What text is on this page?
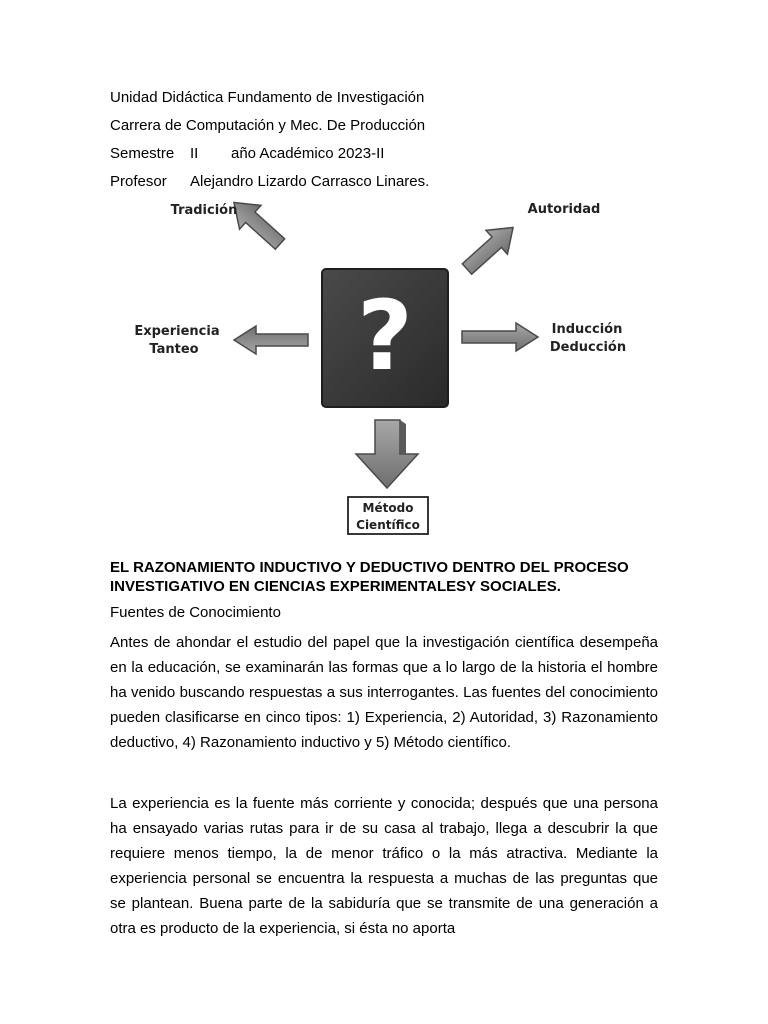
Unidad Didáctica Fundamento de Investigación
Carrera de Computación y Mec. De Producción
Semestre II año Académico 2023-II
Profesor Alejandro Lizardo Carrasco Linares.
?
Tradición	Autoridad
Experiencia
Tanteo
Inducción
Deducción
Método
Científico
EL RAZONAMIENTO INDUCTIVO Y DEDUCTIVO DENTRO DEL PROCESO INVESTIGATIVO EN CIENCIAS EXPERIMENTALESY SOCIALES.
Fuentes de Conocimiento
Antes de ahondar el estudio del papel que la investigación científica desempeña en la educación, se examinarán las formas que a lo largo de la historia el hombre ha venido buscando respuestas a sus interrogantes. Las fuentes del conocimiento pueden clasificarse en cinco tipos: 1) Experiencia, 2) Autoridad, 3) Razonamiento deductivo, 4) Razonamiento inductivo y 5) Método científico.
La experiencia es la fuente más corriente y conocida; después que una persona ha ensayado varias rutas para ir de su casa al trabajo, llega a descubrir la que requiere menos tiempo, la de menor tráfico o la más atractiva. Mediante la experiencia personal se encuentra la respuesta a muchas de las preguntas que se plantean. Buena parte de la sabiduría que se transmite de una generación a otra es producto de la experiencia, si ésta no aporta
